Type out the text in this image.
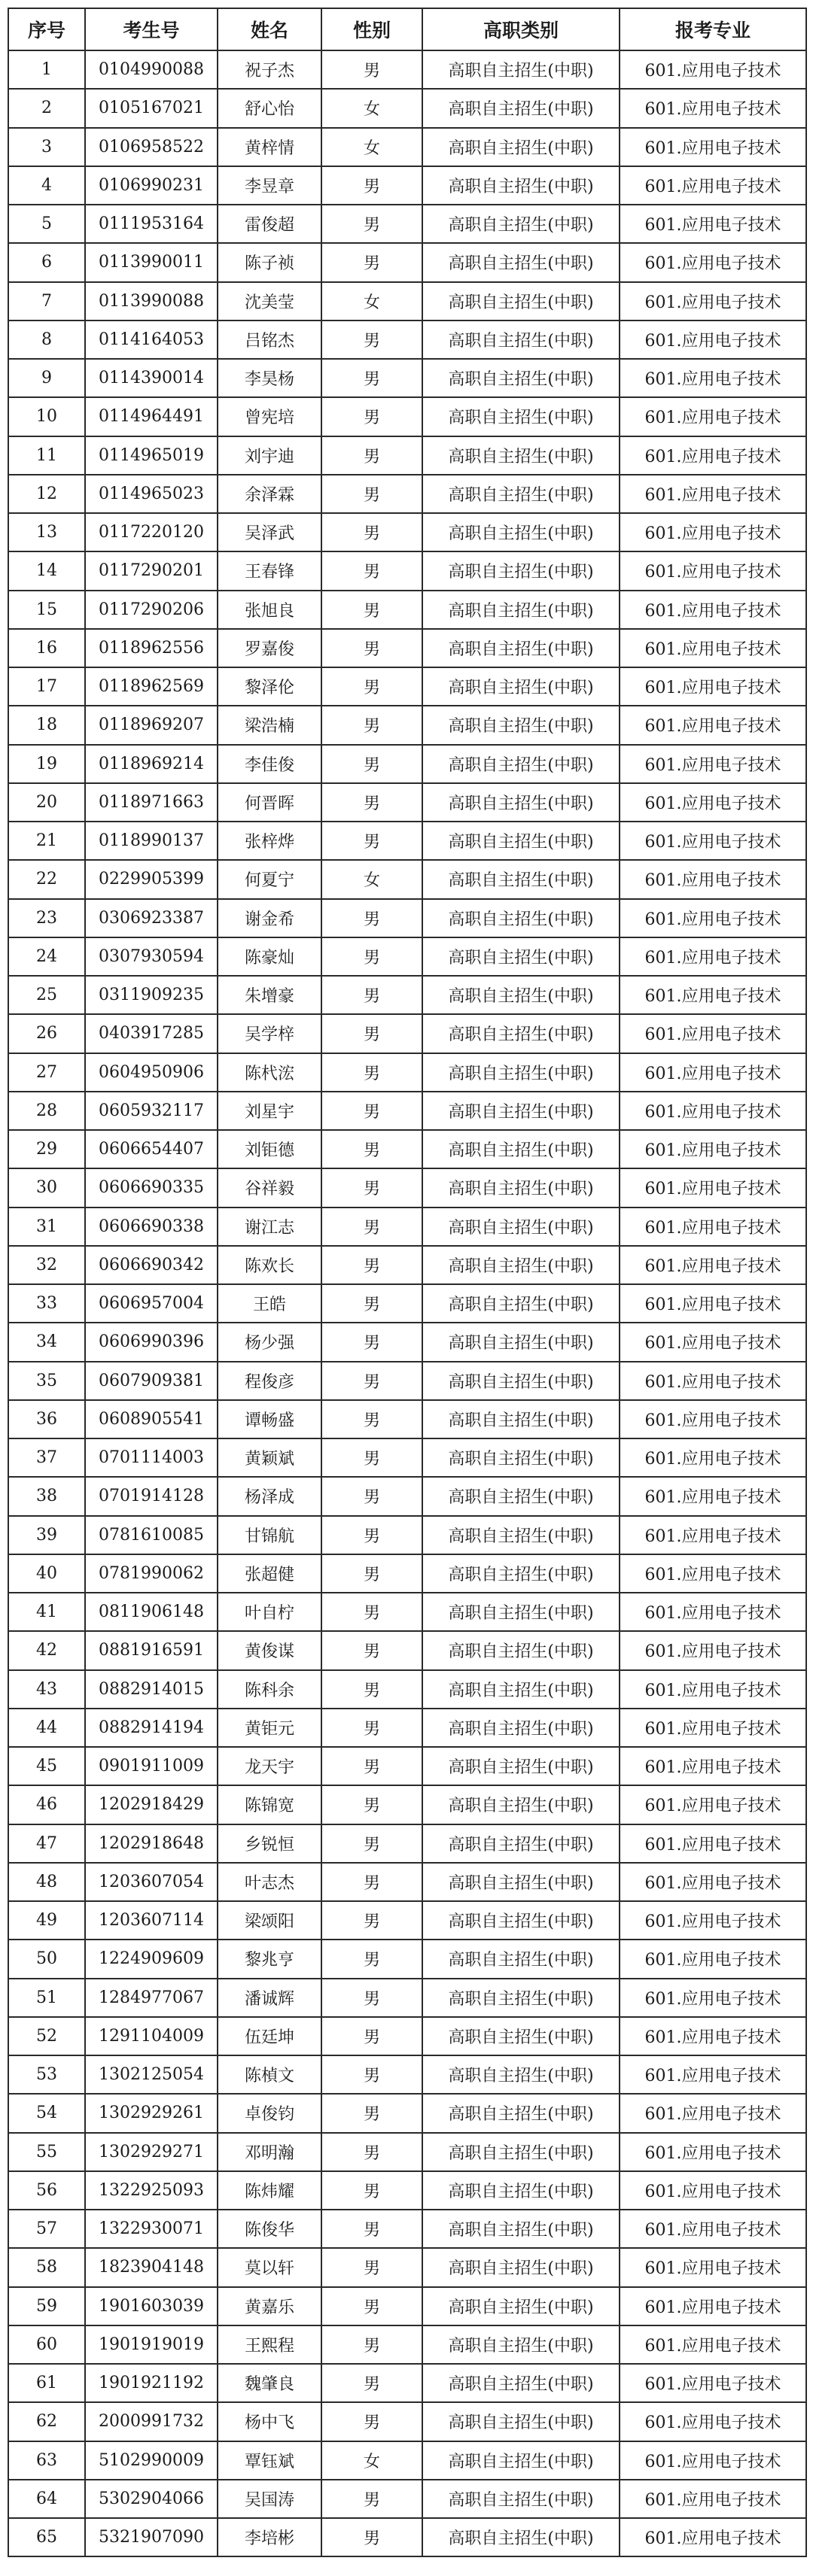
序号	考生号	姓名	性别	高职类别	报考专业
1	0104990088	祝子杰	男	高职自主招生(中职)	601.应用电子技术
2	0105167021	舒心怡	女	高职自主招生(中职)	601.应用电子技术
3	0106958522	黄梓情	女	高职自主招生(中职)	601.应用电子技术
4	0106990231	李昱章	男	高职自主招生(中职)	601.应用电子技术
5	0111953164	雷俊超	男	高职自主招生(中职)	601.应用电子技术
6	0113990011	陈子祯	男	高职自主招生(中职)	601.应用电子技术
7	0113990088	沈美莹	女	高职自主招生(中职)	601.应用电子技术
8	0114164053	吕铭杰	男	高职自主招生(中职)	601.应用电子技术
9	0114390014	李昊杨	男	高职自主招生(中职)	601.应用电子技术
10	0114964491	曾宪培	男	高职自主招生(中职)	601.应用电子技术
11	0114965019	刘宇迪	男	高职自主招生(中职)	601.应用电子技术
12	0114965023	余泽霖	男	高职自主招生(中职)	601.应用电子技术
13	0117220120	吴泽武	男	高职自主招生(中职)	601.应用电子技术
14	0117290201	王春锋	男	高职自主招生(中职)	601.应用电子技术
15	0117290206	张旭良	男	高职自主招生(中职)	601.应用电子技术
16	0118962556	罗嘉俊	男	高职自主招生(中职)	601.应用电子技术
17	0118962569	黎泽伦	男	高职自主招生(中职)	601.应用电子技术
18	0118969207	梁浩楠	男	高职自主招生(中职)	601.应用电子技术
19	0118969214	李佳俊	男	高职自主招生(中职)	601.应用电子技术
20	0118971663	何晋晖	男	高职自主招生(中职)	601.应用电子技术
21	0118990137	张梓烨	男	高职自主招生(中职)	601.应用电子技术
22	0229905399	何夏宁	女	高职自主招生(中职)	601.应用电子技术
23	0306923387	谢金希	男	高职自主招生(中职)	601.应用电子技术
24	0307930594	陈豪灿	男	高职自主招生(中职)	601.应用电子技术
25	0311909235	朱增豪	男	高职自主招生(中职)	601.应用电子技术
26	0403917285	吴学梓	男	高职自主招生(中职)	601.应用电子技术
27	0604950906	陈杙浤	男	高职自主招生(中职)	601.应用电子技术
28	0605932117	刘星宇	男	高职自主招生(中职)	601.应用电子技术
29	0606654407	刘钜德	男	高职自主招生(中职)	601.应用电子技术
30	0606690335	谷祥毅	男	高职自主招生(中职)	601.应用电子技术
31	0606690338	谢江志	男	高职自主招生(中职)	601.应用电子技术
32	0606690342	陈欢长	男	高职自主招生(中职)	601.应用电子技术
33	0606957004	王皓	男	高职自主招生(中职)	601.应用电子技术
34	0606990396	杨少强	男	高职自主招生(中职)	601.应用电子技术
35	0607909381	程俊彦	男	高职自主招生(中职)	601.应用电子技术
36	0608905541	谭畅盛	男	高职自主招生(中职)	601.应用电子技术
37	0701114003	黄颖斌	男	高职自主招生(中职)	601.应用电子技术
38	0701914128	杨泽成	男	高职自主招生(中职)	601.应用电子技术
39	0781610085	甘锦航	男	高职自主招生(中职)	601.应用电子技术
40	0781990062	张超健	男	高职自主招生(中职)	601.应用电子技术
41	0811906148	叶自柠	男	高职自主招生(中职)	601.应用电子技术
42	0881916591	黄俊谋	男	高职自主招生(中职)	601.应用电子技术
43	0882914015	陈科余	男	高职自主招生(中职)	601.应用电子技术
44	0882914194	黄钜元	男	高职自主招生(中职)	601.应用电子技术
45	0901911009	龙天宇	男	高职自主招生(中职)	601.应用电子技术
46	1202918429	陈锦宽	男	高职自主招生(中职)	601.应用电子技术
47	1202918648	乡锐恒	男	高职自主招生(中职)	601.应用电子技术
48	1203607054	叶志杰	男	高职自主招生(中职)	601.应用电子技术
49	1203607114	梁颂阳	男	高职自主招生(中职)	601.应用电子技术
50	1224909609	黎兆亨	男	高职自主招生(中职)	601.应用电子技术
51	1284977067	潘诚辉	男	高职自主招生(中职)	601.应用电子技术
52	1291104009	伍廷坤	男	高职自主招生(中职)	601.应用电子技术
53	1302125054	陈楨文	男	高职自主招生(中职)	601.应用电子技术
54	1302929261	卓俊钧	男	高职自主招生(中职)	601.应用电子技术
55	1302929271	邓明瀚	男	高职自主招生(中职)	601.应用电子技术
56	1322925093	陈炜耀	男	高职自主招生(中职)	601.应用电子技术
57	1322930071	陈俊华	男	高职自主招生(中职)	601.应用电子技术
58	1823904148	莫以轩	男	高职自主招生(中职)	601.应用电子技术
59	1901603039	黄嘉乐	男	高职自主招生(中职)	601.应用电子技术
60	1901919019	王熙程	男	高职自主招生(中职)	601.应用电子技术
61	1901921192	魏肇良	男	高职自主招生(中职)	601.应用电子技术
62	2000991732	杨中飞	男	高职自主招生(中职)	601.应用电子技术
63	5102990009	覃钰斌	女	高职自主招生(中职)	601.应用电子技术
64	5302904066	吴国涛	男	高职自主招生(中职)	601.应用电子技术
65	5321907090	李培彬	男	高职自主招生(中职)	601.应用电子技术
